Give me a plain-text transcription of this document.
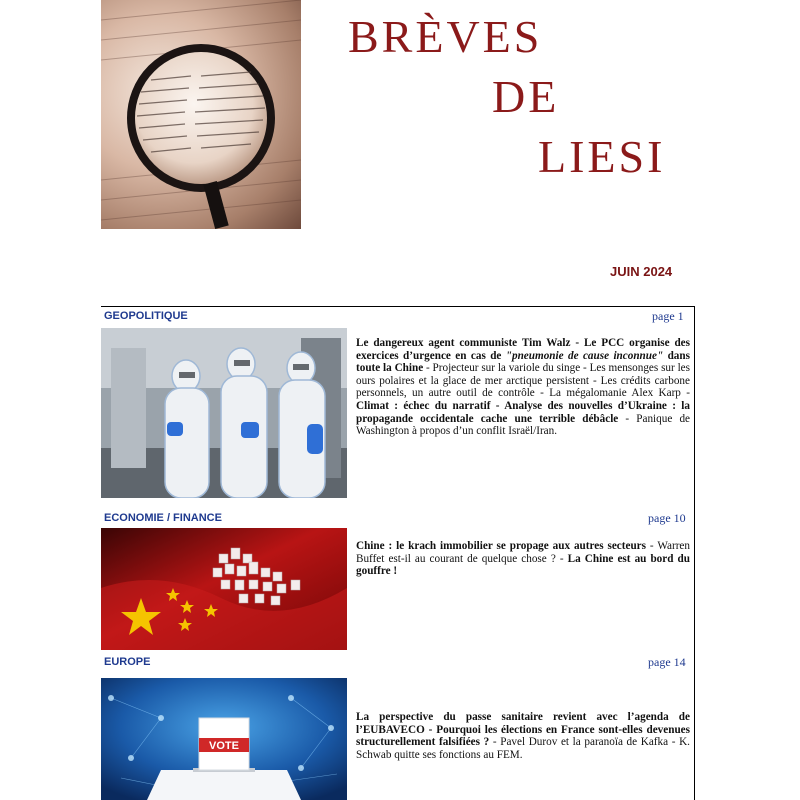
BRÈVES
DE
LIESI
JUIN 2024
GEOPOLITIQUE	page 1

Le dangereux agent communiste Tim Walz - Le PCC organise des exercices d’urgence en cas de "pneumonie de cause inconnue" dans toute la Chine - Projecteur sur la variole du singe - Les mensonges sur les ours polaires et la glace de mer arctique persistent - Les crédits carbone personnels, un autre outil de contrôle - La mégalomanie Alex Karp - Climat : échec du narratif - Analyse des nouvelles d’Ukraine : la propagande occidentale cache une terrible débâcle - Panique de Washington à propos d’un conflit Israël/Iran.

ECONOMIE / FINANCE	page 10

Chine : le krach immobilier se propage aux autres secteurs - Warren Buffet est-il au courant de quelque chose ? - La Chine est au bord du gouffre !

EUROPE	page 14
VOTE

La perspective du passe sanitaire revient avec l’agenda de l’EUBAVECO - Pourquoi les élections en France sont-elles devenues structurellement falsifiées ? - Pavel Durov et la paranoïa de Kafka - K. Schwab quitte ses fonctions au FEM.
